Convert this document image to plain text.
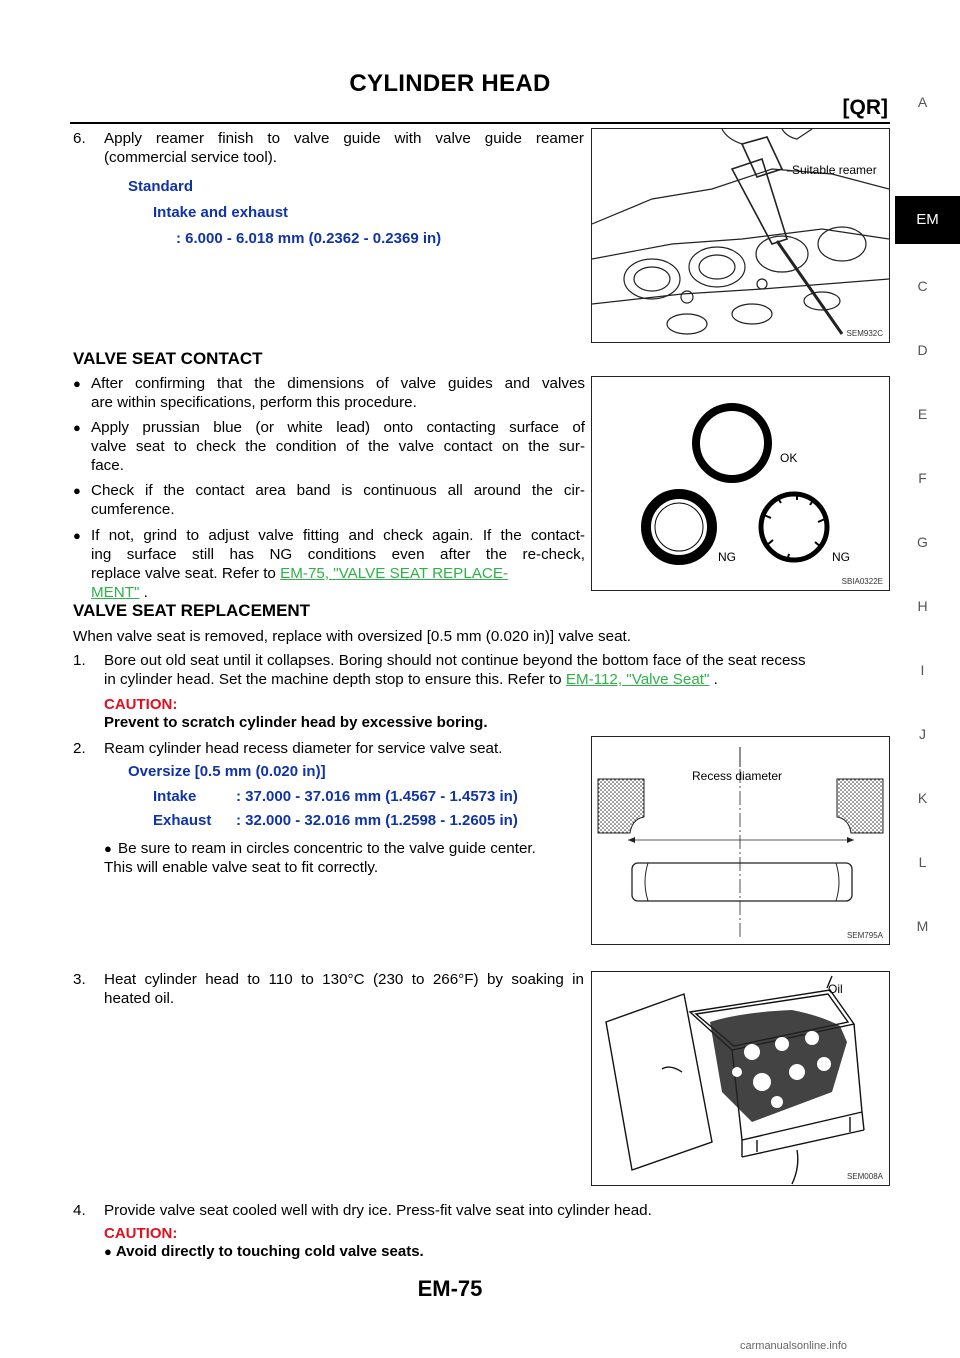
CYLINDER HEAD
[QR]	A
EM
C
D
E
F
G
H
I
J
K
L
M
6. Apply reamer finish to valve guide with valve guide reamer
(commercial service tool).
Standard
Intake and exhaust
: 6.000 - 6.018 mm (0.2362 - 0.2369 in)
Suitable reamer
SEM932C
VALVE SEAT CONTACT
● After confirming that the dimensions of valve guides and valves
are within specifications, perform this procedure.
● Apply prussian blue (or white lead) onto contacting surface of
valve seat to check the condition of the valve contact on the sur-
face.
● Check if the contact area band is continuous all around the cir-
cumference.
● If not, grind to adjust valve fitting and check again. If the contact-
ing surface still has NG conditions even after the re-check,
replace valve seat. Refer to EM-75, "VALVE SEAT REPLACE-
MENT" .
OK
NG	NG
SBIA0322E
VALVE SEAT REPLACEMENT
When valve seat is removed, replace with oversized [0.5 mm (0.020 in)] valve seat.
1. Bore out old seat until it collapses. Boring should not continue beyond the bottom face of the seat recess
in cylinder head. Set the machine depth stop to ensure this. Refer to EM-112, "Valve Seat" .
CAUTION:
Prevent to scratch cylinder head by excessive boring.
2. Ream cylinder head recess diameter for service valve seat.
Oversize [0.5 mm (0.020 in)]
Intake	: 37.000 - 37.016 mm (1.4567 - 1.4573 in)
Exhaust : 32.000 - 32.016 mm (1.2598 - 1.2605 in)
● Be sure to ream in circles concentric to the valve guide center.
This will enable valve seat to fit correctly.
Recess diameter
SEM795A
3. Heat cylinder head to 110 to 130°C (230 to 266°F) by soaking in
heated oil.
Oil
SEM008A
4. Provide valve seat cooled well with dry ice. Press-fit valve seat into cylinder head.
CAUTION:
● Avoid directly to touching cold valve seats.
EM-75
carmanualsonline.info
